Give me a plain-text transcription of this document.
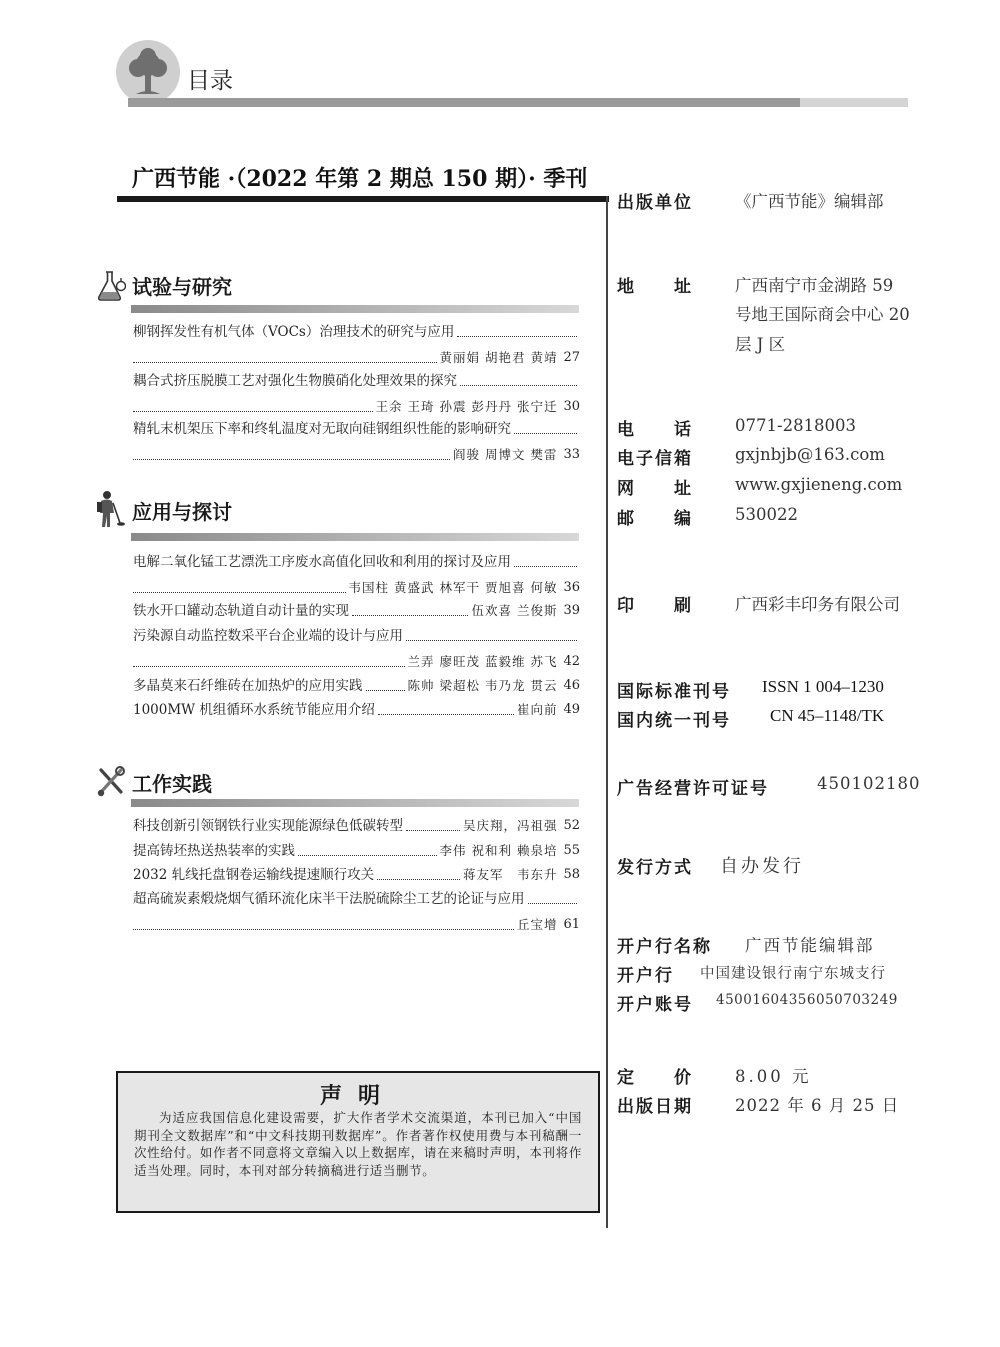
目录
广西节能 ·（2022 年第 2 期总 150 期）· 季刊
试验与研究
柳钢挥发性有机气体（VOCs）治理技术的研究与应用
黄丽娟 胡艳君 黄靖 27
耦合式挤压脱膜工艺对强化生物膜硝化处理效果的探究
王余 王琦 孙震 彭丹丹 张宁迁 30
精轧末机架压下率和终轧温度对无取向硅钢组织性能的影响研究
阎骏 周博文 樊雷 33
应用与探讨
电解二氧化锰工艺漂洗工序废水高值化回收和利用的探讨及应用
韦国柱 黄盛武 林军干 贾旭喜 何敏 36
铁水开口罐动态轨道自动计量的实现	伍欢喜 兰俊斯 39
污染源自动监控数采平台企业端的设计与应用
兰弄 廖旺茂 蓝毅维 苏飞 42
多晶莫来石纤维砖在加热炉的应用实践	陈帅 梁超松 韦乃龙 贯云 46
1000MW 机组循环水系统节能应用介绍	崔向前 49
工作实践
科技创新引领钢铁行业实现能源绿色低碳转型	吴庆翔，冯祖强 52
提高铸坯热送热装率的实践	李伟 祝和利 赖泉培 55
2032 轧线托盘钢卷运输线提速顺行攻关	蒋友军　韦东升 58
超高硫炭素煅烧烟气循环流化床半干法脱硫除尘工艺的论证与应用
丘宝增 61
声明
为适应我国信息化建设需要，扩大作者学术交流渠道，本刊已加入“中国期刊全文数据库”和“中文科技期刊数据库”。作者著作权使用费与本刊稿酬一次性给付。如作者不同意将文章编入以上数据库，请在来稿时声明，本刊将作适当处理。同时，本刊对部分转摘稿进行适当删节。
出版单位	《广西节能》编辑部
地　　址	广西南宁市金湖路 59
号地王国际商会中心 20
层 J 区
电　　话	0771-2818003
电子信箱	gxjnbjb@163.com
网　　址	www.gxjieneng.com
邮　　编	530022
印　　刷	广西彩丰印务有限公司
国际标准刊号 ISSN 1 004–1230
国内统一刊号 CN 45–1148/TK
广告经营许可证号	450102180
发行方式 自办发行
开户行名称 广西节能编辑部
开户行 中国建设银行南宁东城支行
开户账号 45001604356050703249
定　　价	8.00 元
出版日期	2022 年 6 月 25 日
